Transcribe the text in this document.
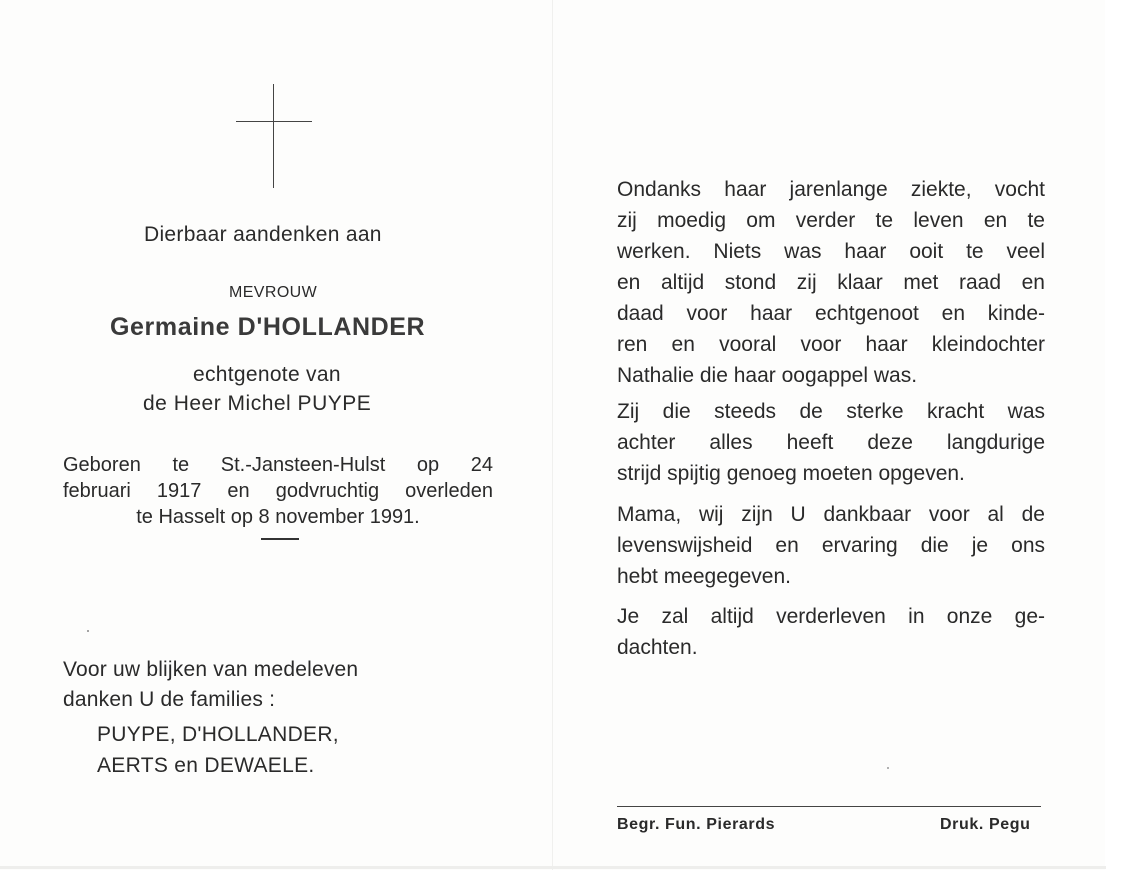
Dierbaar aandenken aan
MEVROUW
Germaine D'HOLLANDER
echtgenote van
de Heer Michel PUYPE
Geboren te St.-Jansteen-Hulst op 24
februari 1917 en godvruchtig overleden
te Hasselt op 8 november 1991.
Voor uw blijken van medeleven
danken U de families :
PUYPE, D'HOLLANDER,
AERTS en DEWAELE.
Ondanks haar jarenlange ziekte, vocht
zij moedig om verder te leven en te
werken. Niets was haar ooit te veel
en altijd stond zij klaar met raad en
daad voor haar echtgenoot en kinde-
ren en vooral voor haar kleindochter
Nathalie die haar oogappel was.
Zij die steeds de sterke kracht was
achter alles heeft deze langdurige
strijd spijtig genoeg moeten opgeven.
Mama, wij zijn U dankbaar voor al de
levenswijsheid en ervaring die je ons
hebt meegegeven.
Je zal altijd verderleven in onze ge-
dachten.
Begr. Fun. Pierards	Druk. Pegu
